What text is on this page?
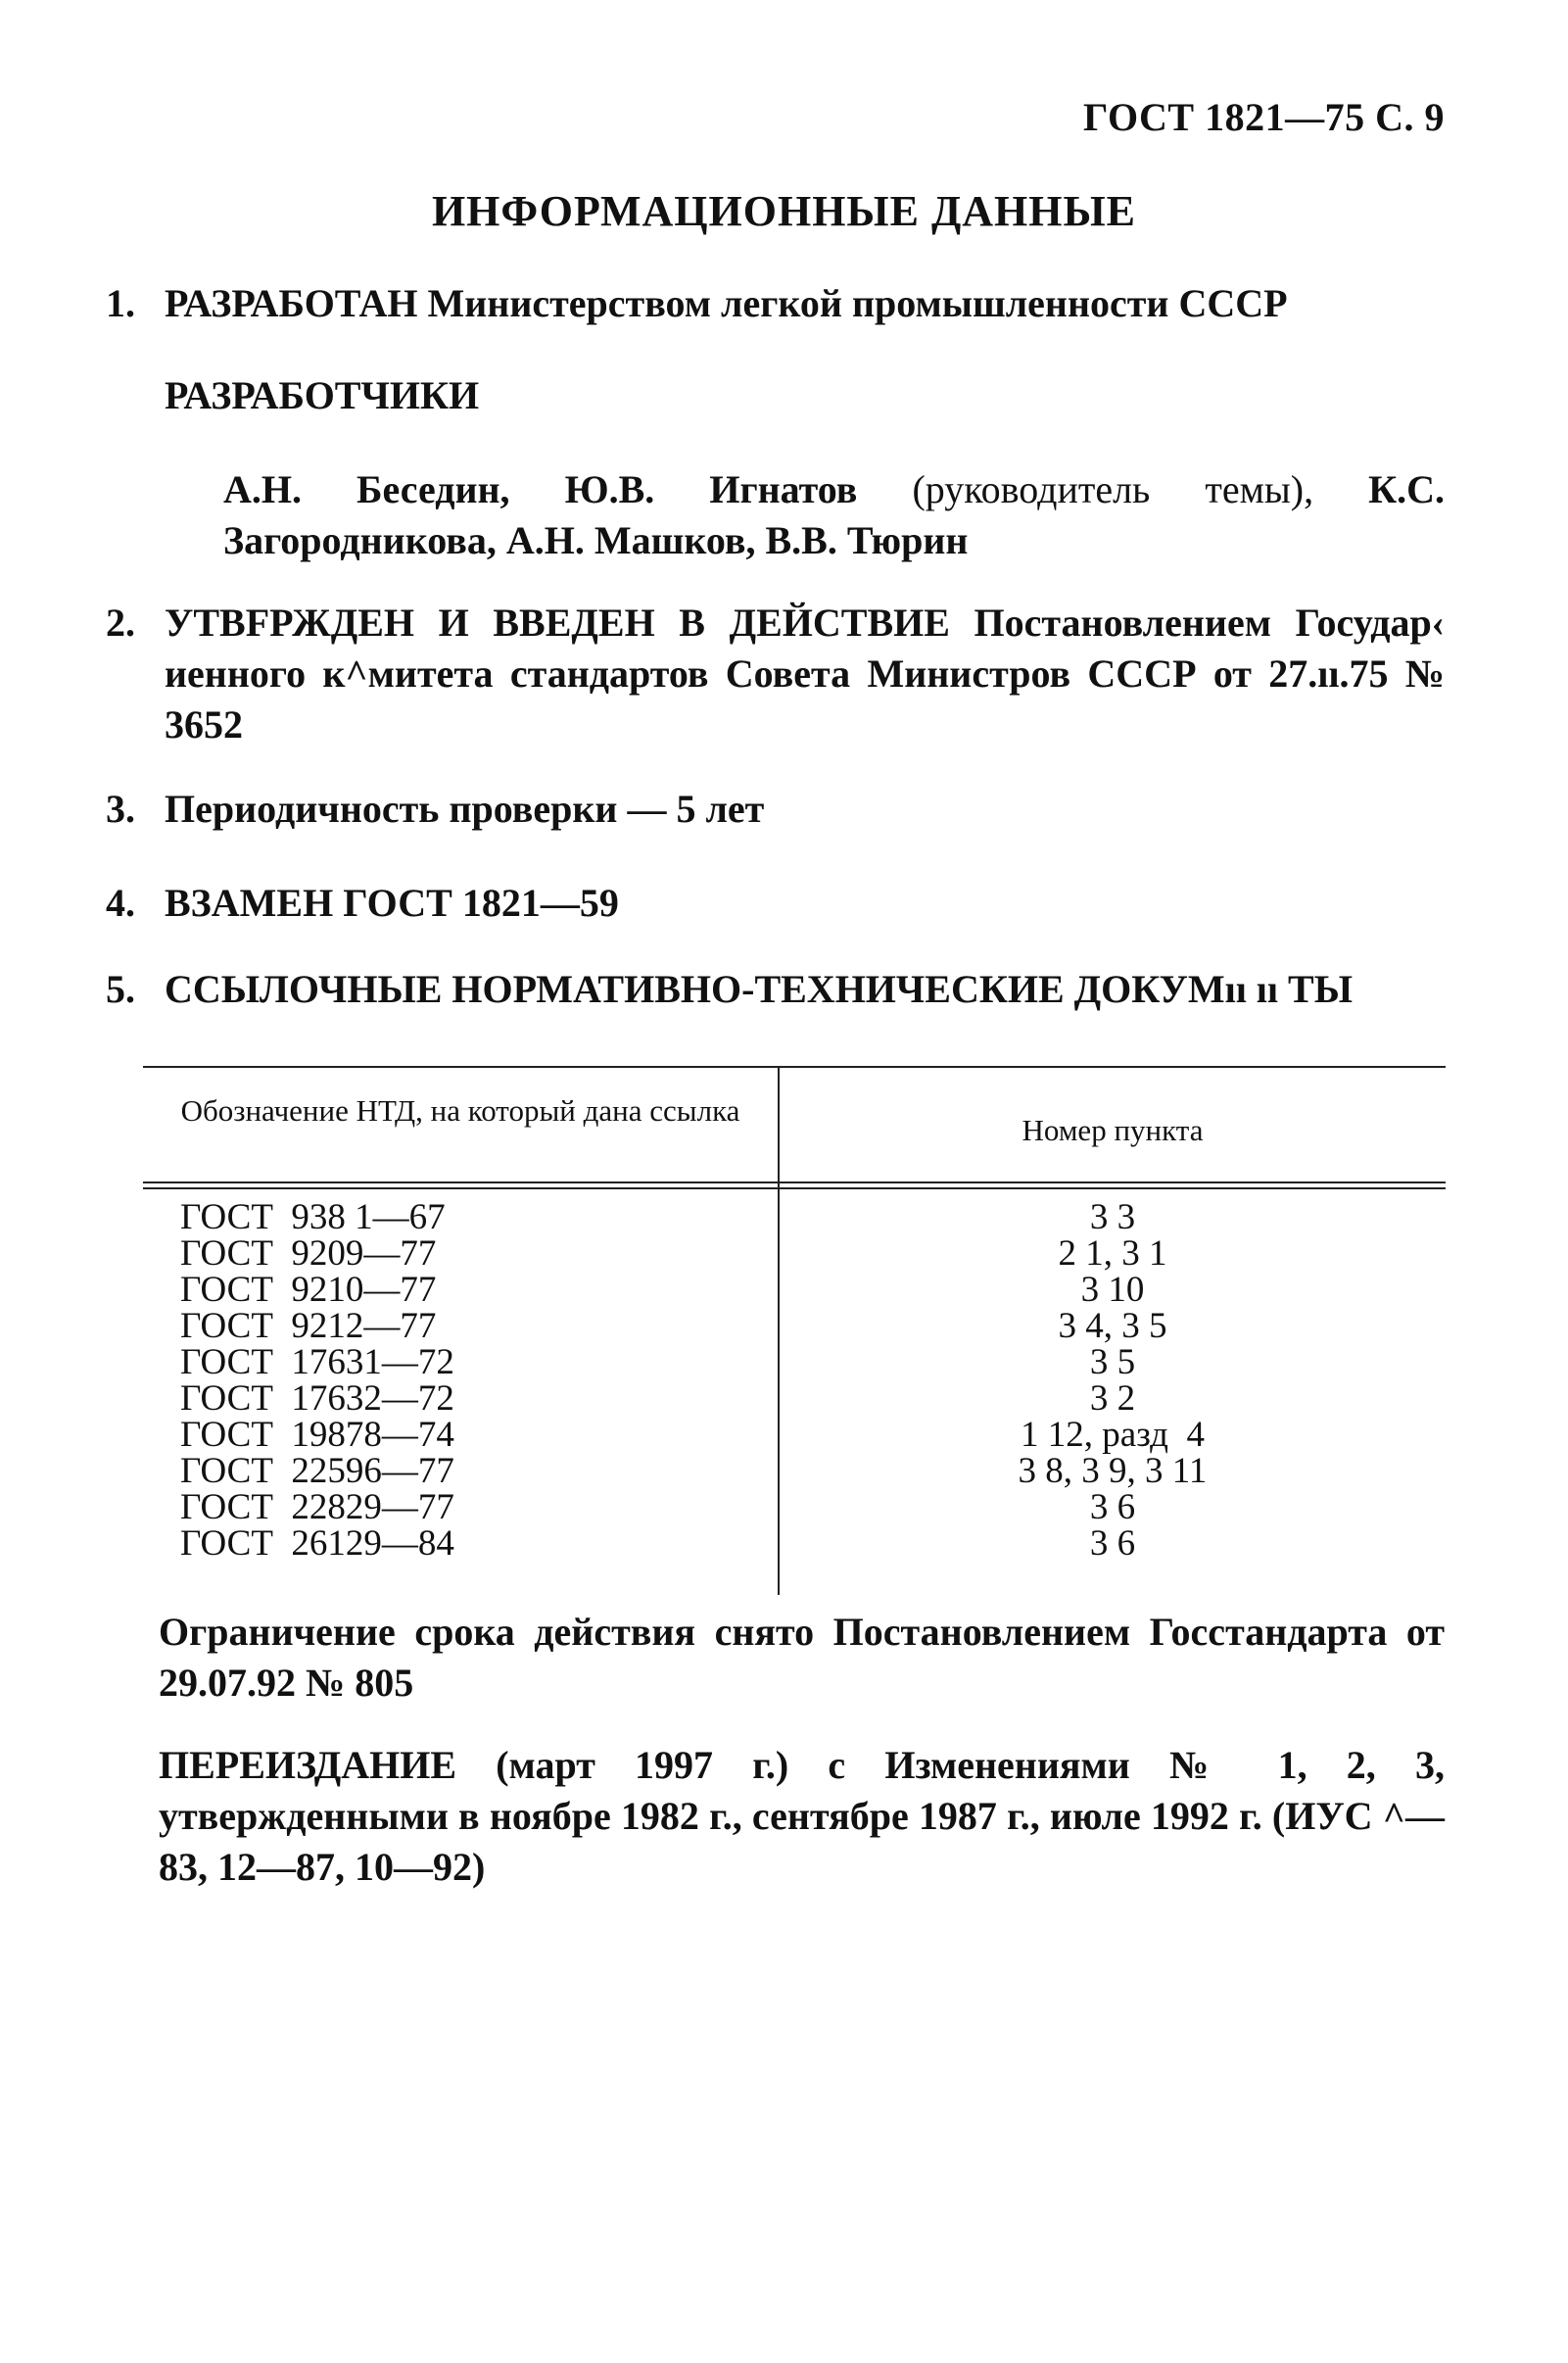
ГОСТ 1821—75 С. 9
ИНФОРМАЦИОННЫЕ ДАННЫЕ
1. РАЗРАБОТАН Министерством легкой промышленности СССР
РАЗРАБОТЧИКИ
А.Н. Беседин, Ю.В. Игнатов (руководитель темы), К.С. Загородникова, А.Н. Машков, В.В. Тюрин
2. УТВFРЖДЕН И ВВЕДЕН В ДЕЙСТВИЕ Постановлением Государ‹ иенного к^митета стандартов Совета Министров СССР от 27.ıı.75 № 3652
3. Периодичность проверки — 5 лет
4. ВЗАМЕН ГОСТ 1821—59
5. ССЫЛОЧНЫЕ НОРМАТИВНО-ТЕХНИЧЕСКИЕ ДОКУМıı ıı ТЫ
Обозначение НТД, на который дана ссылка
Номер пункта
ГОСТ  938 1—67	3 3
ГОСТ  9209—77	2 1, 3 1
ГОСТ  9210—77	3 10
ГОСТ  9212—77	3 4, 3 5
ГОСТ  17631—72	3 5
ГОСТ  17632—72	3 2
ГОСТ  19878—74	1 12, разд  4
ГОСТ  22596—77	3 8, 3 9, 3 11
ГОСТ  22829—77	3 6
ГОСТ  26129—84	3 6
Ограничение срока действия снято Постановлением Госстандарта от 29.07.92 № 805
ПЕРЕИЗДАНИЕ (март 1997 г.) с Изменениями № 1, 2, 3, утвержденными в ноябре 1982 г., сентябре 1987 г., июле 1992 г. (ИУС ^—83, 12—87, 10—92)
